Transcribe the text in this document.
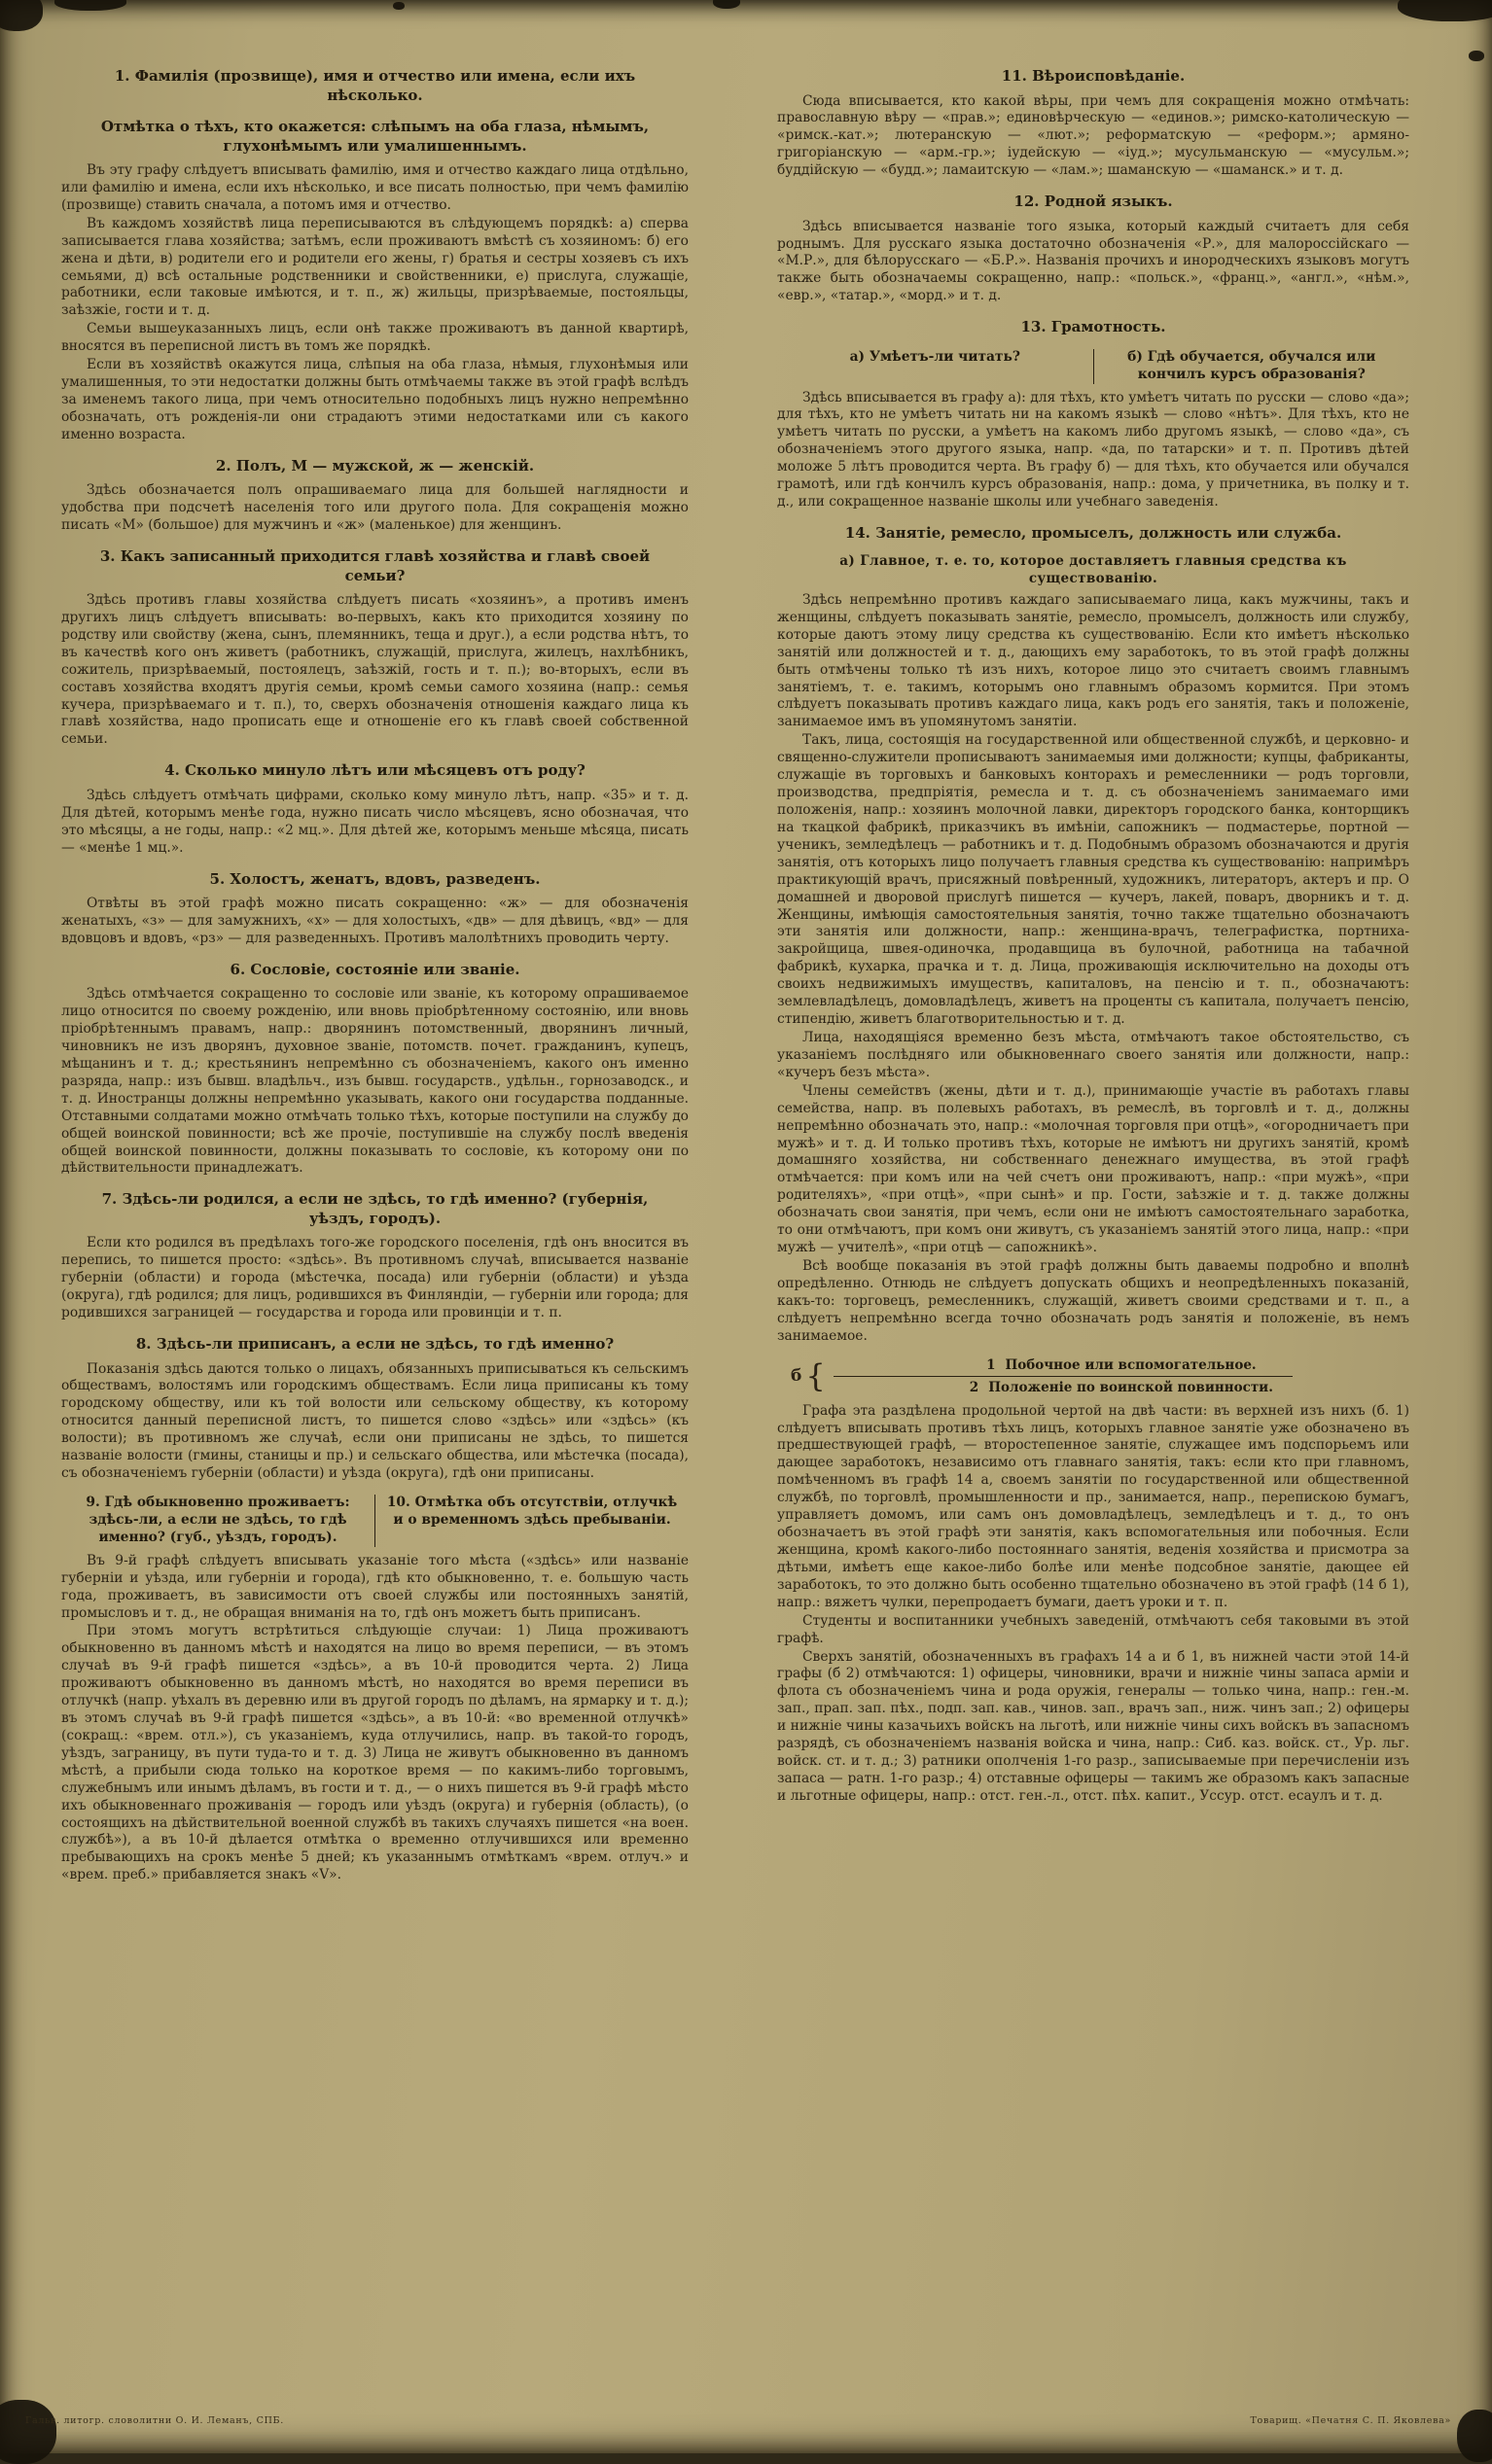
1. Фамилія (прозвище), имя и отчество или имена, если ихъ нѣсколько.
Отмѣтка о тѣхъ, кто окажется: слѣпымъ на оба глаза, нѣмымъ, глухонѣмымъ или умалишеннымъ.

Въ эту графу слѣдуетъ вписывать фамилію, имя и отчество каждаго лица отдѣльно, или фамилію и имена, если ихъ нѣсколько, и все писать полностью, при чемъ фамилію (прозвище) ставить сначала, а потомъ имя и отчество.

Въ каждомъ хозяйствѣ лица переписываются въ слѣдующемъ порядкѣ: а) сперва записывается глава хозяйства; затѣмъ, если проживаютъ вмѣстѣ съ хозяиномъ: б) его жена и дѣти, в) родители его и родители его жены, г) братья и сестры хозяевъ съ ихъ семьями, д) всѣ остальные родственники и свойственники, е) прислуга, служащіе, работники, если таковые имѣются, и т. п., ж) жильцы, призрѣваемые, постояльцы, заѣзжіе, гости и т. д.

Семьи вышеуказанныхъ лицъ, если онѣ также проживаютъ въ данной квартирѣ, вносятся въ переписной листъ въ томъ же порядкѣ.

Если въ хозяйствѣ окажутся лица, слѣпыя на оба глаза, нѣмыя, глухонѣмыя или умалишенныя, то эти недостатки должны быть отмѣчаемы также въ этой графѣ вслѣдъ за именемъ такого лица, при чемъ относительно подобныхъ лицъ нужно непремѣнно обозначать, отъ рожденія-ли они страдаютъ этими недостатками или съ какого именно возраста.

2. Полъ, М — мужской, ж — женскій.

Здѣсь обозначается полъ опрашиваемаго лица для большей наглядности и удобства при подсчетѣ населенія того или другого пола. Для сокращенія можно писать «М» (большое) для мужчинъ и «ж» (маленькое) для женщинъ.

3. Какъ записанный приходится главѣ хозяйства и главѣ своей семьи?

Здѣсь противъ главы хозяйства слѣдуетъ писать «хозяинъ», а противъ именъ другихъ лицъ слѣдуетъ вписывать: во-первыхъ, какъ кто приходится хозяину по родству или свойству (жена, сынъ, племянникъ, теща и друг.), а если родства нѣтъ, то въ качествѣ кого онъ живетъ (работникъ, служащій, прислуга, жилецъ, нахлѣбникъ, сожитель, призрѣваемый, постоялецъ, заѣзжій, гость и т. п.); во-вторыхъ, если въ составъ хозяйства входятъ другія семьи, кромѣ семьи самого хозяина (напр.: семья кучера, призрѣваемаго и т. п.), то, сверхъ обозначенія отношенія каждаго лица къ главѣ хозяйства, надо прописать еще и отношеніе его къ главѣ своей собственной семьи.

4. Сколько минуло лѣтъ или мѣсяцевъ отъ роду?

Здѣсь слѣдуетъ отмѣчать цифрами, сколько кому минуло лѣтъ, напр. «35» и т. д. Для дѣтей, которымъ менѣе года, нужно писать число мѣсяцевъ, ясно обозначая, что это мѣсяцы, а не годы, напр.: «2 мц.». Для дѣтей же, которымъ меньше мѣсяца, писать — «менѣе 1 мц.».

5. Холостъ, женатъ, вдовъ, разведенъ.

Отвѣты въ этой графѣ можно писать сокращенно: «ж» — для обозначенія женатыхъ, «з» — для замужнихъ, «х» — для холостыхъ, «дв» — для дѣвицъ, «вд» — для вдовцовъ и вдовъ, «рз» — для разведенныхъ. Противъ малолѣтнихъ проводить черту.

6. Сословіе, состояніе или званіе.

Здѣсь отмѣчается сокращенно то сословіе или званіе, къ которому опрашиваемое лицо относится по своему рожденію, или вновь пріобрѣтенному состоянію, или вновь пріобрѣтеннымъ правамъ, напр.: дворянинъ потомственный, дворянинъ личный, чиновникъ не изъ дворянъ, духовное званіе, потомств. почет. гражданинъ, купецъ, мѣщанинъ и т. д.; крестьянинъ непремѣнно съ обозначеніемъ, какого онъ именно разряда, напр.: изъ бывш. владѣльч., изъ бывш. государств., удѣльн., горнозаводск., и т. д. Иностранцы должны непремѣнно указывать, какого они государства подданные. Отставными солдатами можно отмѣчать только тѣхъ, которые поступили на службу до общей воинской повинности; всѣ же прочіе, поступившіе на службу послѣ введенія общей воинской повинности, должны показывать то сословіе, къ которому они по дѣйствительности принадлежатъ.

7. Здѣсь-ли родился, а если не здѣсь, то гдѣ именно? (губернія, уѣздъ, городъ).

Если кто родился въ предѣлахъ того-же городского поселенія, гдѣ онъ вносится въ перепись, то пишется просто: «здѣсь». Въ противномъ случаѣ, вписывается названіе губерніи (области) и города (мѣстечка, посада) или губерніи (области) и уѣзда (округа), гдѣ родился; для лицъ, родившихся въ Финляндіи, — губерніи или города; для родившихся заграницей — государства и города или провинціи и т. п.

8. Здѣсь-ли приписанъ, а если не здѣсь, то гдѣ именно?

Показанія здѣсь даются только о лицахъ, обязанныхъ приписываться къ сельскимъ обществамъ, волостямъ или городскимъ обществамъ. Если лица приписаны къ тому городскому обществу, или къ той волости или сельскому обществу, къ которому относится данный переписной листъ, то пишется слово «здѣсь» или «здѣсь» (къ волости); въ противномъ же случаѣ, если они приписаны не здѣсь, то пишется названіе волости (гмины, станицы и пр.) и сельскаго общества, или мѣстечка (посада), съ обозначеніемъ губерніи (области) и уѣзда (округа), гдѣ они приписаны.

9. Гдѣ обыкновенно проживаетъ: здѣсь-ли, а если не здѣсь, то гдѣ именно? (губ., уѣздъ, городъ).
10. Отмѣтка объ отсутствіи, отлучкѣ и о временномъ здѣсь пребываніи.

Въ 9-й графѣ слѣдуетъ вписывать указаніе того мѣста («здѣсь» или названіе губерніи и уѣзда, или губерніи и города), гдѣ кто обыкновенно, т. е. большую часть года, проживаетъ, въ зависимости отъ своей службы или постоянныхъ занятій, промысловъ и т. д., не обращая вниманія на то, гдѣ онъ можетъ быть приписанъ.

При этомъ могутъ встрѣтиться слѣдующіе случаи: 1) Лица проживаютъ обыкновенно въ данномъ мѣстѣ и находятся на лицо во время переписи, — въ этомъ случаѣ въ 9-й графѣ пишется «здѣсь», а въ 10-й проводится черта. 2) Лица проживаютъ обыкновенно въ данномъ мѣстѣ, но находятся во время переписи въ отлучкѣ (напр. уѣхалъ въ деревню или въ другой городъ по дѣламъ, на ярмарку и т. д.); въ этомъ случаѣ въ 9-й графѣ пишется «здѣсь», а въ 10-й: «во временной отлучкѣ» (сокращ.: «врем. отл.»), съ указаніемъ, куда отлучились, напр. въ такой-то городъ, уѣздъ, заграницу, въ пути туда-то и т. д. 3) Лица не живутъ обыкновенно въ данномъ мѣстѣ, а прибыли сюда только на короткое время — по какимъ-либо торговымъ, служебнымъ или инымъ дѣламъ, въ гости и т. д., — о нихъ пишется въ 9-й графѣ мѣсто ихъ обыкновеннаго проживанія — городъ или уѣздъ (округа) и губернія (область), (о состоящихъ на дѣйствительной военной службѣ въ такихъ случаяхъ пишется «на воен. службѣ»), а въ 10-й дѣлается отмѣтка о временно отлучившихся или временно пребывающихъ на срокъ менѣе 5 дней; къ указаннымъ отмѣткамъ «врем. отлуч.» и «врем. преб.» прибавляется знакъ «V».

11. Вѣроисповѣданіе.

Сюда вписывается, кто какой вѣры, при чемъ для сокращенія можно отмѣчать: православную вѣру — «прав.»; единовѣрческую — «единов.»; римско-католическую — «римск.-кат.»; лютеранскую — «лют.»; реформатскую — «реформ.»; армяно-григоріанскую — «арм.-гр.»; іудейскую — «іуд.»; мусульманскую — «мусульм.»; буддійскую — «будд.»; ламаитскую — «лам.»; шаманскую — «шаманск.» и т. д.

12. Родной языкъ.

Здѣсь вписывается названіе того языка, который каждый считаетъ для себя роднымъ. Для русскаго языка достаточно обозначенія «Р.», для малороссійскаго — «М.Р.», для бѣлорусскаго — «Б.Р.». Названія прочихъ и инородческихъ языковъ могутъ также быть обозначаемы сокращенно, напр.: «польск.», «франц.», «англ.», «нѣм.», «евр.», «татар.», «морд.» и т. д.

13. Грамотность.
а) Умѣетъ-ли читать?	б) Гдѣ обучается, обучался или кончилъ курсъ образованія?

Здѣсь вписывается въ графу а): для тѣхъ, кто умѣетъ читать по русски — слово «да»; для тѣхъ, кто не умѣетъ читать ни на какомъ языкѣ — слово «нѣтъ». Для тѣхъ, кто не умѣетъ читать по русски, а умѣетъ на какомъ либо другомъ языкѣ, — слово «да», съ обозначеніемъ этого другого языка, напр. «да, по татарски» и т. п. Противъ дѣтей моложе 5 лѣтъ проводится черта. Въ графу б) — для тѣхъ, кто обучается или обучался грамотѣ, или гдѣ кончилъ курсъ образованія, напр.: дома, у причетника, въ полку и т. д., или сокращенное названіе школы или учебнаго заведенія.

14. Занятіе, ремесло, промыселъ, должность или служба.
а) Главное, т. е. то, которое доставляетъ главныя средства къ существованію.

Здѣсь непремѣнно противъ каждаго записываемаго лица, какъ мужчины, такъ и женщины, слѣдуетъ показывать занятіе, ремесло, промыселъ, должность или службу, которые даютъ этому лицу средства къ существованію. Если кто имѣетъ нѣсколько занятій или должностей и т. д., дающихъ ему заработокъ, то въ этой графѣ должны быть отмѣчены только тѣ изъ нихъ, которое лицо это считаетъ своимъ главнымъ занятіемъ, т. е. такимъ, которымъ оно главнымъ образомъ кормится. При этомъ слѣдуетъ показывать противъ каждаго лица, какъ родъ его занятія, такъ и положеніе, занимаемое имъ въ упомянутомъ занятіи.

Такъ, лица, состоящія на государственной или общественной службѣ, и церковно- и священно-служители прописываютъ занимаемыя ими должности; купцы, фабриканты, служащіе въ торговыхъ и банковыхъ конторахъ и ремесленники — родъ торговли, производства, предпріятія, ремесла и т. д. съ обозначеніемъ занимаемаго ими положенія, напр.: хозяинъ молочной лавки, директоръ городского банка, конторщикъ на ткацкой фабрикѣ, приказчикъ въ имѣніи, сапожникъ — подмастерье, портной — ученикъ, земледѣлецъ — работникъ и т. д. Подобнымъ образомъ обозначаются и другія занятія, отъ которыхъ лицо получаетъ главныя средства къ существованію: напримѣръ практикующій врачъ, присяжный повѣренный, художникъ, литераторъ, актеръ и пр. О домашней и дворовой прислугѣ пишется — кучеръ, лакей, поваръ, дворникъ и т. д. Женщины, имѣющія самостоятельныя занятія, точно также тщательно обозначаютъ эти занятія или должности, напр.: женщина-врачъ, телеграфистка, портниха-закройщица, швея-одиночка, продавщица въ булочной, работница на табачной фабрикѣ, кухарка, прачка и т. д. Лица, проживающія исключительно на доходы отъ своихъ недвижимыхъ имуществъ, капиталовъ, на пенсію и т. п., обозначаютъ: землевладѣлецъ, домовладѣлецъ, живетъ на проценты съ капитала, получаетъ пенсію, стипендію, живетъ благотворительностью и т. д.

Лица, находящіяся временно безъ мѣста, отмѣчаютъ такое обстоятельство, съ указаніемъ послѣдняго или обыкновеннаго своего занятія или должности, напр.: «кучеръ безъ мѣста».

Члены семействъ (жены, дѣти и т. д.), принимающіе участіе въ работахъ главы семейства, напр. въ полевыхъ работахъ, въ ремеслѣ, въ торговлѣ и т. д., должны непремѣнно обозначать это, напр.: «молочная торговля при отцѣ», «огородничаетъ при мужѣ» и т. д. И только противъ тѣхъ, которые не имѣютъ ни другихъ занятій, кромѣ домашняго хозяйства, ни собственнаго денежнаго имущества, въ этой графѣ отмѣчается: при комъ или на чей счетъ они проживаютъ, напр.: «при мужѣ», «при родителяхъ», «при отцѣ», «при сынѣ» и пр. Гости, заѣзжіе и т. д. также должны обозначать свои занятія, при чемъ, если они не имѣютъ самостоятельнаго заработка, то они отмѣчаютъ, при комъ они живутъ, съ указаніемъ занятій этого лица, напр.: «при мужѣ — учителѣ», «при отцѣ — сапожникѣ».

Всѣ вообще показанія въ этой графѣ должны быть даваемы подробно и вполнѣ опредѣленно. Отнюдь не слѣдуетъ допускать общихъ и неопредѣленныхъ показаній, какъ-то: торговецъ, ремесленникъ, служащій, живетъ своими средствами и т. п., а слѣдуетъ непремѣнно всегда точно обозначать родъ занятія и положеніе, въ немъ занимаемое.

б {	1 Побочное или вспомогательное.
2 Положеніе по воинской повинности.

Графа эта раздѣлена продольной чертой на двѣ части: въ верхней изъ нихъ (б. 1) слѣдуетъ вписывать противъ тѣхъ лицъ, которыхъ главное занятіе уже обозначено въ предшествующей графѣ, — второстепенное занятіе, служащее имъ подспорьемъ или дающее заработокъ, независимо отъ главнаго занятія, такъ: если кто при главномъ, помѣченномъ въ графѣ 14 а, своемъ занятіи по государственной или общественной службѣ, по торговлѣ, промышленности и пр., занимается, напр., перепискою бумагъ, управляетъ домомъ, или самъ онъ домовладѣлецъ, земледѣлецъ и т. д., то онъ обозначаетъ въ этой графѣ эти занятія, какъ вспомогательныя или побочныя. Если женщина, кромѣ какого-либо постояннаго занятія, веденія хозяйства и присмотра за дѣтьми, имѣетъ еще какое-либо болѣе или менѣе подсобное занятіе, дающее ей заработокъ, то это должно быть особенно тщательно обозначено въ этой графѣ (14 б 1), напр.: вяжетъ чулки, перепродаетъ бумаги, даетъ уроки и т. п.

Студенты и воспитанники учебныхъ заведеній, отмѣчаютъ себя таковыми въ этой графѣ.

Сверхъ занятій, обозначенныхъ въ графахъ 14 а и б 1, въ нижней части этой 14-й графы (б 2) отмѣчаются: 1) офицеры, чиновники, врачи и нижніе чины запаса арміи и флота съ обозначеніемъ чина и рода оружія, генералы — только чина, напр.: ген.-м. зап., прап. зап. пѣх., подп. зап. кав., чинов. зап., врачъ зап., ниж. чинъ зап.; 2) офицеры и нижніе чины казачьихъ войскъ на льготѣ, или нижніе чины сихъ войскъ въ запасномъ разрядѣ, съ обозначеніемъ названія войска и чина, напр.: Сиб. каз. войск. ст., Ур. льг. войск. ст. и т. д.; 3) ратники ополченія 1-го разр., записываемые при перечисленіи изъ запаса — ратн. 1-го разр.; 4) отставные офицеры — такимъ же образомъ какъ запасные и льготные офицеры, напр.: отст. ген.-л., отст. пѣх. капит., Уссур. отст. есаулъ и т. д.

Гальв. литогр. словолитни О. И. Леманъ, СПБ.	Товарищ. «Печатня С. П. Яковлева»
